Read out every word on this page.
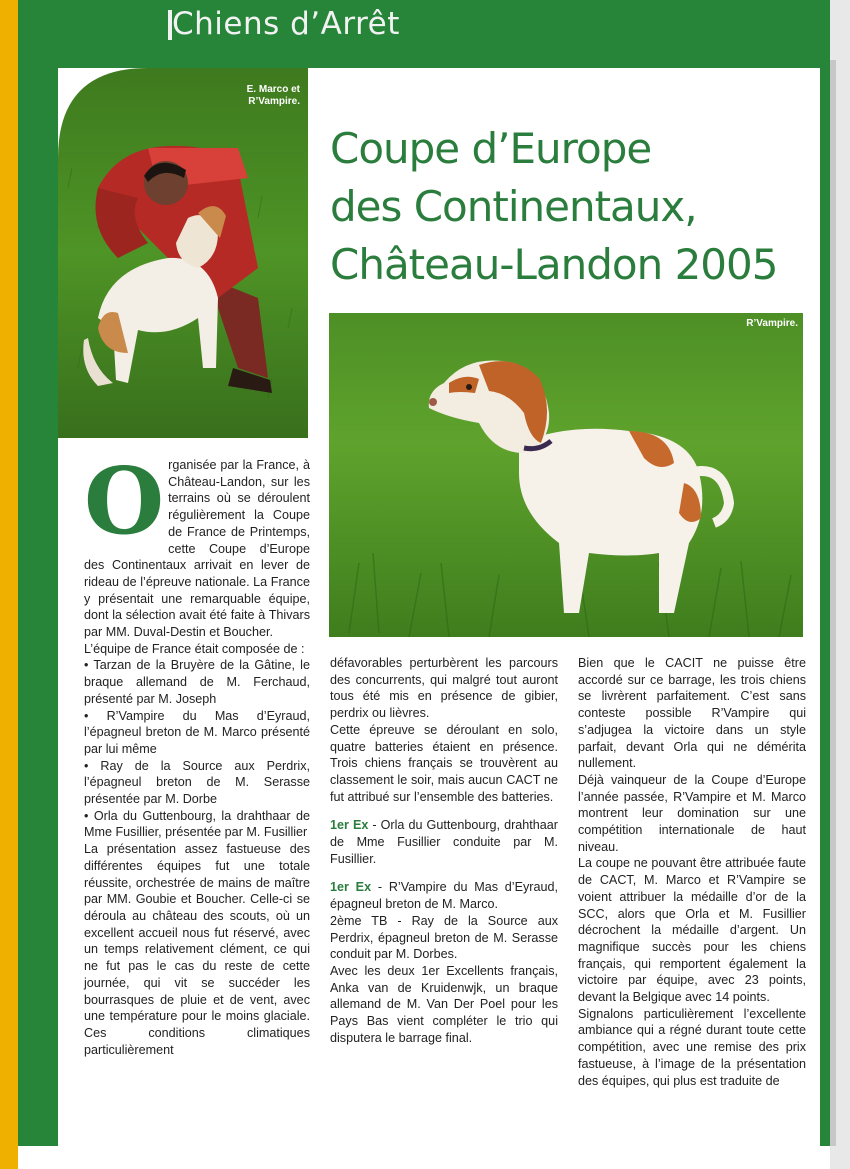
Chiens d’Arrêt
E. Marco et
R’Vampire.
Coupe d’Europe
des Continentaux,
Château-Landon 2005
R’Vampire.
O rganisée par la France, à Château-Landon, sur les terrains où se déroulent régulièrement la Coupe de France de Printemps, cette Coupe d’Europe des Continentaux arrivait en lever de rideau de l’épreuve nationale. La France y présentait une remarquable équipe, dont la sélection avait été faite à Thivars par MM. Duval-Destin et Boucher.

L’équipe de France était composée de :

• Tarzan de la Bruyère de la Gâtine, le braque allemand de M. Ferchaud, présenté par M. Joseph

• R’Vampire du Mas d’Eyraud, l’épagneul breton de M. Marco présenté par lui même

• Ray de la Source aux Perdrix, l’épagneul breton de M. Serasse présentée par M. Dorbe

• Orla du Guttenbourg, la drahthaar de Mme Fusillier, présentée par M. Fusillier

La présentation assez fastueuse des différentes équipes fut une totale réussite, orchestrée de mains de maître par MM. Goubie et Boucher. Celle-ci se déroula au château des scouts, où un excellent accueil nous fut réservé, avec un temps relativement clément, ce qui ne fut pas le cas du reste de cette journée, qui vit se succéder les bourrasques de pluie et de vent, avec une température pour le moins glaciale. Ces conditions climatiques particulièrement

défavorables perturbèrent les parcours des concurrents, qui malgré tout auront tous été mis en présence de gibier, perdrix ou lièvres.

Cette épreuve se déroulant en solo, quatre batteries étaient en présence. Trois chiens français se trouvèrent au classement le soir, mais aucun CACT ne fut attribué sur l’ensemble des batteries.

1er Ex - Orla du Guttenbourg, drahthaar de Mme Fusillier conduite par M. Fusillier.

1er Ex - R’Vampire du Mas d’Eyraud, épagneul breton de M. Marco.

2ème TB - Ray de la Source aux Perdrix, épagneul breton de M. Serasse conduit par M. Dorbes.

Avec les deux 1er Excellents français, Anka van de Kruidenwjk, un braque allemand de M. Van Der Poel pour les Pays Bas vient compléter le trio qui disputera le barrage final.

Bien que le CACIT ne puisse être accordé sur ce barrage, les trois chiens se livrèrent parfaitement. C’est sans conteste possible R’Vampire qui s’adjugea la victoire dans un style parfait, devant Orla qui ne démérita nullement.

Déjà vainqueur de la Coupe d’Europe l’année passée, R’Vampire et M. Marco montrent leur domination sur une compétition internationale de haut niveau.

La coupe ne pouvant être attribuée faute de CACT, M. Marco et R’Vampire se voient attribuer la médaille d’or de la SCC, alors que Orla et M. Fusillier décrochent la médaille d’argent. Un magnifique succès pour les chiens français, qui remportent également la victoire par équipe, avec 23 points, devant la Belgique avec 14 points.

Signalons particulièrement l’excellente ambiance qui a régné durant toute cette compétition, avec une remise des prix fastueuse, à l’image de la présentation des équipes, qui plus est traduite de

22
